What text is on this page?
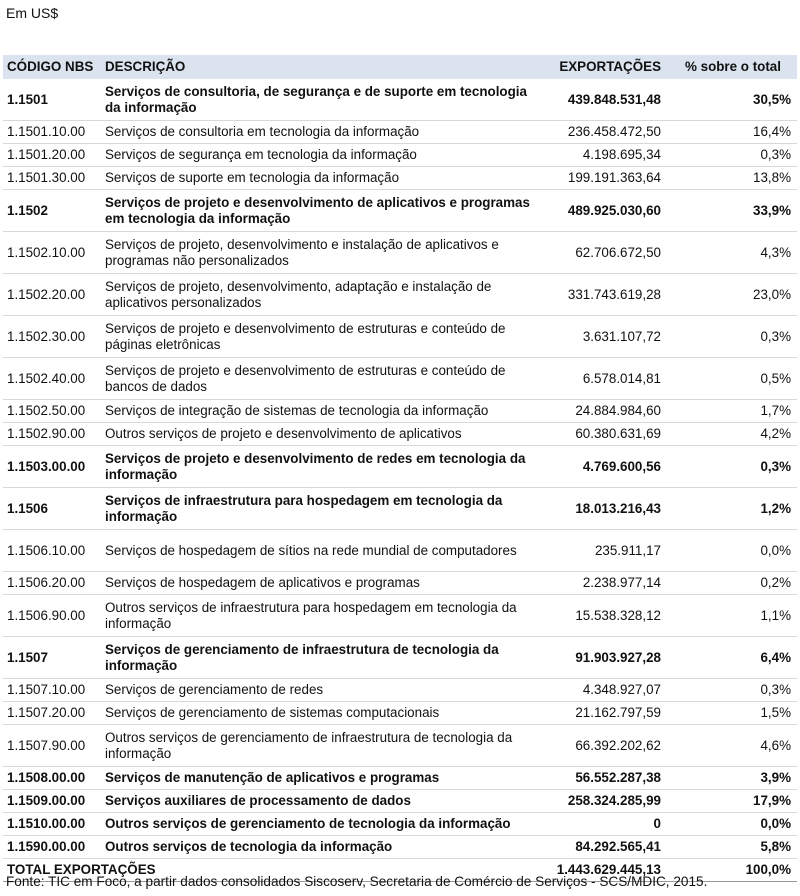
Em US$
CÓDIGO NBS	DESCRIÇÃO	EXPORTAÇÕES	% sobre o total
1.1501	Serviços de consultoria, de segurança e de suporte em tecnologia da informação	439.848.531,48	30,5%
1.1501.10.00	Serviços de consultoria em tecnologia da informação	236.458.472,50	16,4%
1.1501.20.00	Serviços de segurança em tecnologia da informação	4.198.695,34	0,3%
1.1501.30.00	Serviços de suporte em tecnologia da informação	199.191.363,64	13,8%
1.1502	Serviços de projeto e desenvolvimento de aplicativos e programas em tecnologia da informação	489.925.030,60	33,9%
1.1502.10.00	Serviços de projeto, desenvolvimento e instalação de aplicativos e programas não personalizados	62.706.672,50	4,3%
1.1502.20.00	Serviços de projeto, desenvolvimento, adaptação e instalação de aplicativos personalizados	331.743.619,28	23,0%
1.1502.30.00	Serviços de projeto e desenvolvimento de estruturas e conteúdo de páginas eletrônicas	3.631.107,72	0,3%
1.1502.40.00	Serviços de projeto e desenvolvimento de estruturas e conteúdo de bancos de dados	6.578.014,81	0,5%
1.1502.50.00	Serviços de integração de sistemas de tecnologia da informação	24.884.984,60	1,7%
1.1502.90.00	Outros serviços de projeto e desenvolvimento de aplicativos	60.380.631,69	4,2%
1.1503.00.00	Serviços de projeto e desenvolvimento de redes em tecnologia da informação	4.769.600,56	0,3%
1.1506	Serviços de infraestrutura para hospedagem em tecnologia da informação	18.013.216,43	1,2%
1.1506.10.00	Serviços de hospedagem de sítios na rede mundial de computadores	235.911,17	0,0%
1.1506.20.00	Serviços de hospedagem de aplicativos e programas	2.238.977,14	0,2%
1.1506.90.00	Outros serviços de infraestrutura para hospedagem em tecnologia da informação	15.538.328,12	1,1%
1.1507	Serviços de gerenciamento de infraestrutura de tecnologia da informação	91.903.927,28	6,4%
1.1507.10.00	Serviços de gerenciamento de redes	4.348.927,07	0,3%
1.1507.20.00	Serviços de gerenciamento de sistemas computacionais	21.162.797,59	1,5%
1.1507.90.00	Outros serviços de gerenciamento de infraestrutura de tecnologia da informação	66.392.202,62	4,6%
1.1508.00.00	Serviços de manutenção de aplicativos e programas	56.552.287,38	3,9%
1.1509.00.00	Serviços auxiliares de processamento de dados	258.324.285,99	17,9%
1.1510.00.00	Outros serviços de gerenciamento de tecnologia da informação	0	0,0%
1.1590.00.00	Outros serviços de tecnologia da informação	84.292.565,41	5,8%
TOTAL EXPORTAÇÕES		1.443.629.445,13	100,0%
Fonte: TIC em Foco, a partir dados consolidados Siscoserv, Secretaria de Comércio de Serviços - SCS/MDIC, 2015.
